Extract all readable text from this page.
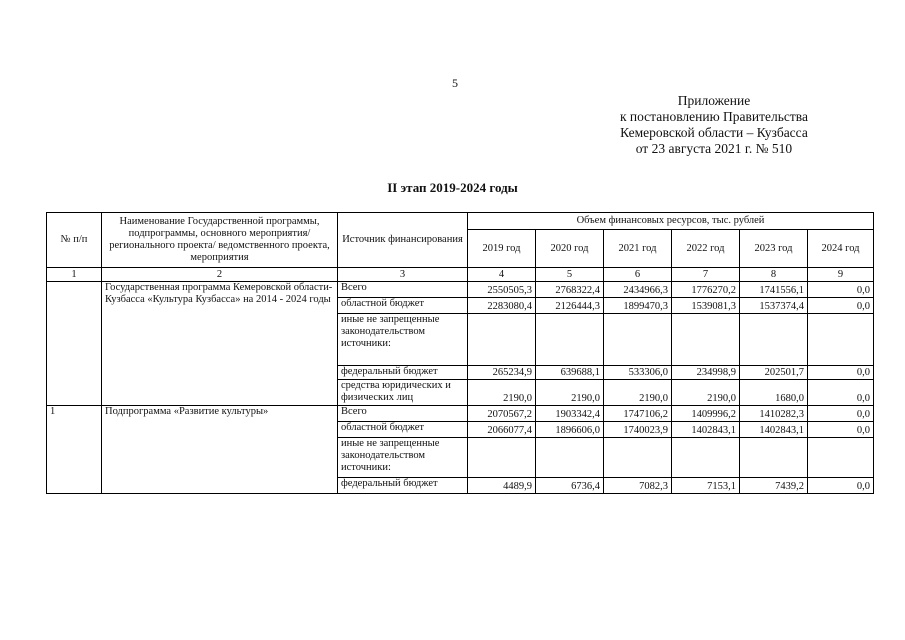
5
Приложение
к постановлению Правительства
Кемеровской области – Кузбасса
от 23 августа 2021 г. № 510
II этап 2019-2024 годы
№ п/п	Наименование Государственной программы, подпрограммы, основного мероприятия/регионального проекта/ ведомственного проекта, мероприятия	Источник финансирования	Объем финансовых ресурсов, тыс. рублей					
			2019 год	2020 год	2021 год	2022 год	2023 год	2024 год
1	2	3	4	5	6	7	8	9
	Государственная программа Кемеровской области-Кузбасса «Культура Кузбасса» на 2014 - 2024 годы	Всего	2550505,3	2768322,4	2434966,3	1776270,2	1741556,1	0,0
		областной бюджет	2283080,4	2126444,3	1899470,3	1539081,3	1537374,4	0,0
		иные не запрещенные законодательством источники:						
		федеральный бюджет	265234,9	639688,1	533306,0	234998,9	202501,7	0,0
		средства юридических и физических лиц	2190,0	2190,0	2190,0	2190,0	1680,0	0,0
1	Подпрограмма «Развитие культуры»	Всего	2070567,2	1903342,4	1747106,2	1409996,2	1410282,3	0,0
		областной бюджет	2066077,4	1896606,0	1740023,9	1402843,1	1402843,1	0,0
		иные не запрещенные законодательством источники:						
		федеральный бюджет	4489,9	6736,4	7082,3	7153,1	7439,2	0,0
